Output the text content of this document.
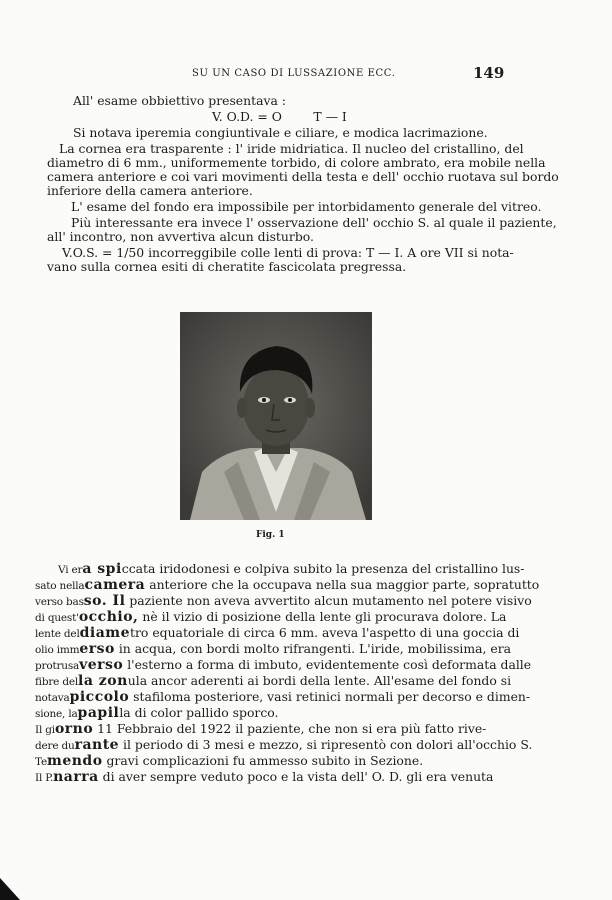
SU UN CASO DI LUSSAZIONE ECC.	149
All' esame obbiettivo presentava :
V. O.D. = O        T — I
Si notava iperemia congiuntivale e ciliare, e modica lacrimazione.
La cornea era trasparente : l' iride midriatica. Il nucleo del cristallino, del
diametro di 6 mm., uniformemente torbido, di colore ambrato, era mobile nella
camera anteriore e coi vari movimenti della testa e dell' occhio ruotava sul bordo
inferiore della camera anteriore.
L' esame del fondo era impossibile per intorbidamento generale del vitreo.
Più interessante era invece l' osservazione dell' occhio S. al quale il paziente,
all' incontro, non avvertiva alcun disturbo.
V.O.S. = 1/50 incorreggibile colle lenti di prova: T — I. A ore VII si nota-
vano sulla cornea esiti di cheratite fascicolata pregressa.
Fig. 1
Vi era spiccata iridodonesi e colpiva subito la presenza del cristallino lus-
sato nellacamera anteriore che la occupava nella sua maggior parte, sopratutto
verso basso. Il paziente non aveva avvertito alcun mutamento nel potere visivo
di quest'occhio, nè il vizio di posizione della lente gli procurava dolore. La
lente deldiametro equatoriale di circa 6 mm. aveva l'aspetto di una goccia di
olio immerso in acqua, con bordi molto rifrangenti. L'iride, mobilissima, era
protrusaverso l'esterno a forma di imbuto, evidentemente così deformata dalle
fibre della zonula ancor aderenti ai bordi della lente. All'esame del fondo si
notavapiccolo stafiloma posteriore, vasi retinici normali per decorso e dimen-
sione, lapapilla di color pallido sporco.
Il giorno 11 Febbraio del 1922 il paziente, che non si era più fatto rive-
dere durante il periodo di 3 mesi e mezzo, si ripresentò con dolori all'occhio S.
Temendo gravi complicazioni fu ammesso subito in Sezione.
Il P.narra di aver sempre veduto poco e la vista dell' O. D. gli era venuta
